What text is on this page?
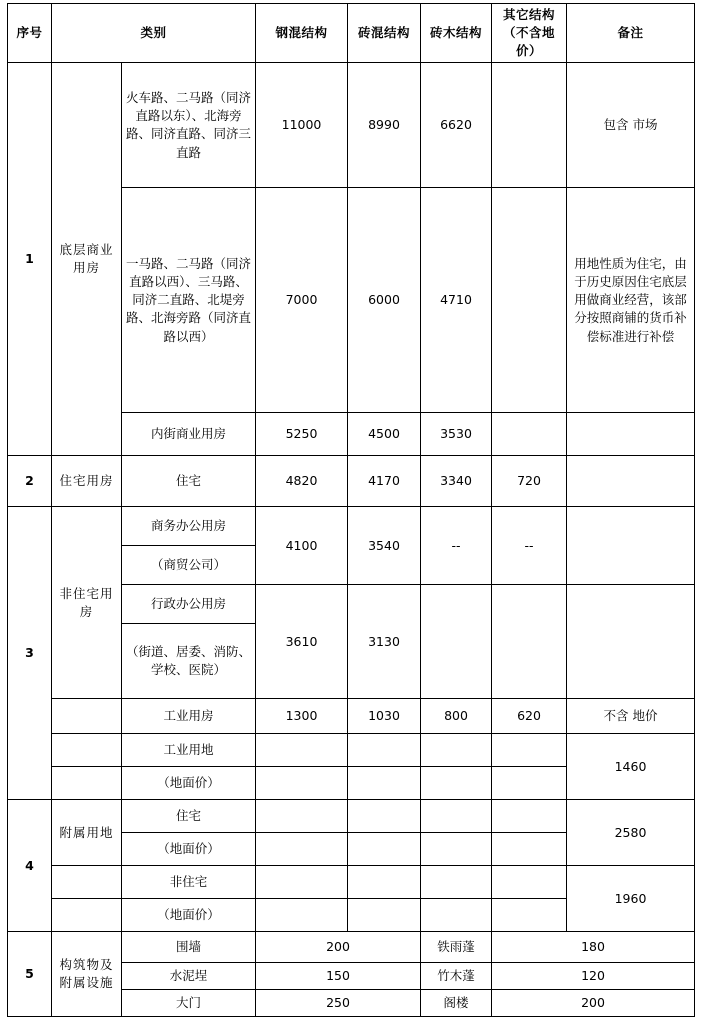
序号	类别		钢混结构	砖混结构	砖木结构	其它结构（不含地价）	备注
1	底层商业用房	火车路、二马路（同济直路以东）、北海旁路、同济直路、同济三直路	11000	8990	6620		包含 市场
		一马路、二马路（同济直路以西）、三马路、同济二直路、北堤旁路、北海旁路（同济直路以西）	7000	6000	4710		用地性质为住宅，由于历史原因住宅底层用做商业经营，该部分按照商铺的货币补偿标准进行补偿
		内街商业用房	5250	4500	3530		
2	住宅用房	住宅	4820	4170	3340	720	
3	非住宅用房	商务办公用房	4100	3540	--	--	
		（商贸公司）					
		行政办公用房	3610	3130			
		（街道、居委、消防、学校、医院）					
		工业用房	1300	1030	800	620	不含 地价
		工业用地					1460
		（地面价）					
4	附属用地	住宅					2580
		（地面价）					
		非住宅					1960
		（地面价）					
5	构筑物及附属设施	围墙	200		铁雨蓬	180	
		水泥埕	150		竹木蓬	120	
		大门	250		阁楼	200	
